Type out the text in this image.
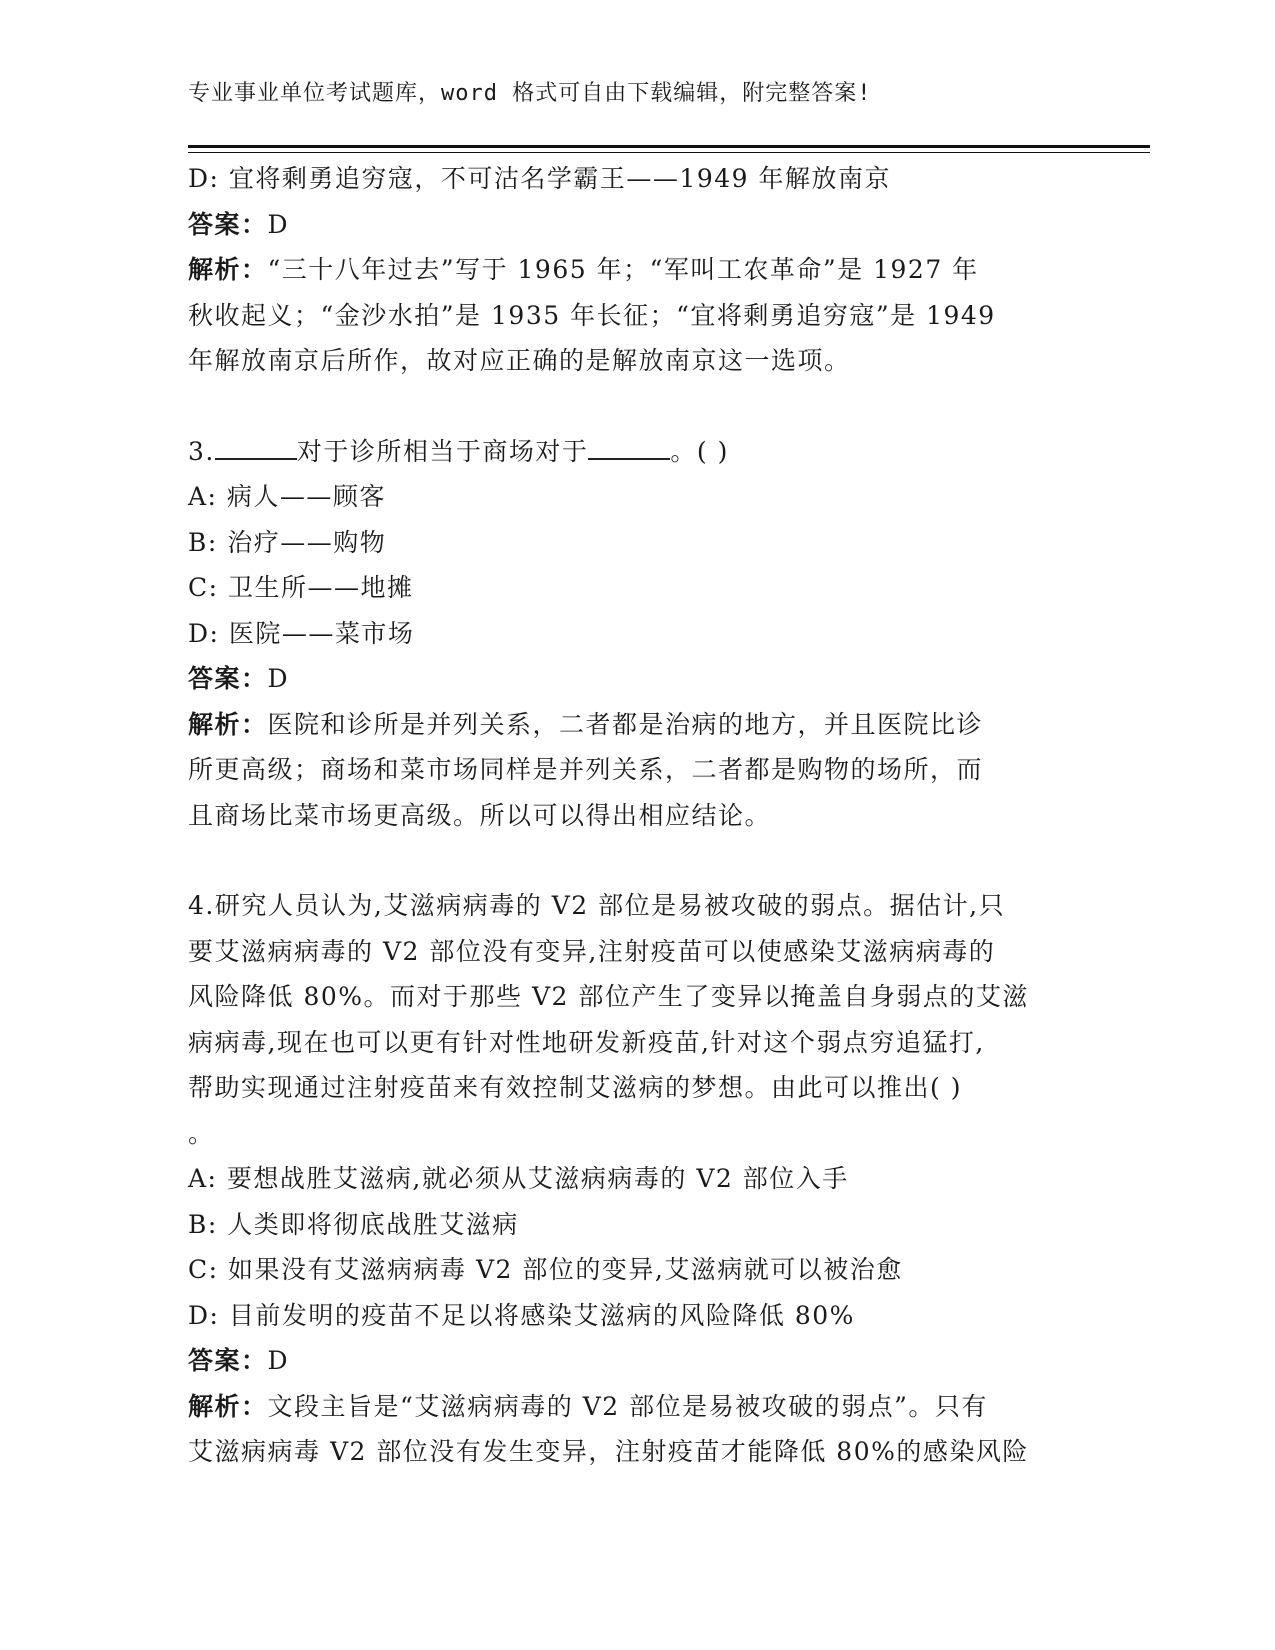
专业事业单位考试题库，word 格式可自由下载编辑，附完整答案!
D: 宜将剩勇追穷寇，不可沽名学霸王——1949 年解放南京
答案：D
解析：“三十八年过去”写于 1965 年；“军叫工农革命”是 1927 年
秋收起义；“金沙水拍”是 1935 年长征；“宜将剩勇追穷寇”是 1949
年解放南京后所作，故对应正确的是解放南京这一选项。
3.	对于诊所相当于商场对于	。( )
A: 病人——顾客
B: 治疗——购物
C: 卫生所——地摊
D: 医院——菜市场
答案：D
解析：医院和诊所是并列关系，二者都是治病的地方，并且医院比诊
所更高级；商场和菜市场同样是并列关系，二者都是购物的场所，而
且商场比菜市场更高级。所以可以得出相应结论。
4.研究人员认为,艾滋病病毒的 V2 部位是易被攻破的弱点。据估计,只
要艾滋病病毒的 V2 部位没有变异,注射疫苗可以使感染艾滋病病毒的
风险降低 80%。而对于那些 V2 部位产生了变异以掩盖自身弱点的艾滋
病病毒,现在也可以更有针对性地研发新疫苗,针对这个弱点穷追猛打,
帮助实现通过注射疫苗来有效控制艾滋病的梦想。由此可以推出( )
。
A: 要想战胜艾滋病,就必须从艾滋病病毒的 V2 部位入手
B: 人类即将彻底战胜艾滋病
C: 如果没有艾滋病病毒 V2 部位的变异,艾滋病就可以被治愈
D: 目前发明的疫苗不足以将感染艾滋病的风险降低 80%
答案：D
解析：文段主旨是“艾滋病病毒的 V2 部位是易被攻破的弱点”。只有
艾滋病病毒 V2 部位没有发生变异，注射疫苗才能降低 80%的感染风险
